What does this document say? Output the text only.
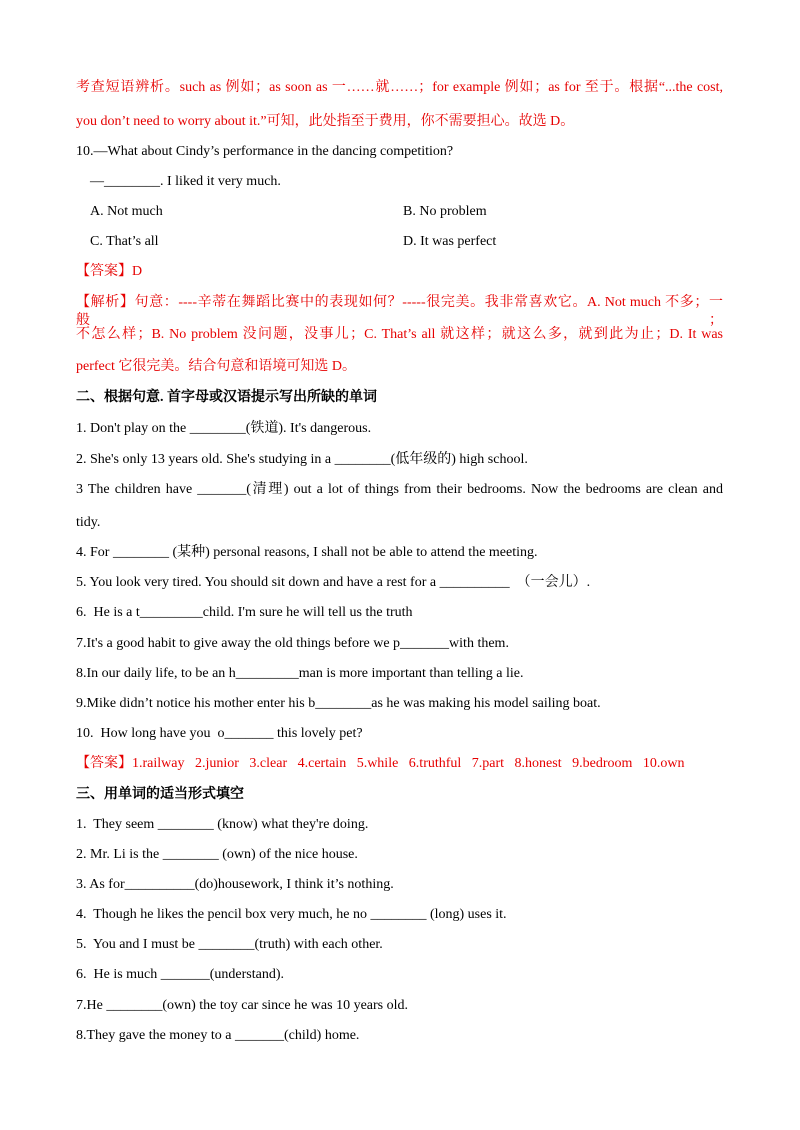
考查短语辨析。such as 例如；as soon as 一……就……；for example 例如；as for 至于。根据“...the cost,
you don’t need to worry about it.”可知，此处指至于费用，你不需要担心。故选 D。
10.—What about Cindy’s performance in the dancing competition?
—________. I liked it very much.
A. Not much	B. No problem
C. That’s all	D. It was perfect
【答案】D
【解析】句意：----辛蒂在舞蹈比赛中的表现如何？-----很完美。我非常喜欢它。A. Not much 不多；一般；
不怎么样；B. No problem 没问题，没事儿；C. That’s all 就这样；就这么多，就到此为止；D. It was
perfect 它很完美。结合句意和语境可知选 D。
二、根据句意. 首字母或汉语提示写出所缺的单词
1. Don't play on the ________(铁道). It's dangerous.
2. She's only 13 years old. She's studying in a ________(低年级的) high school.
3 The children have _______(清理) out a lot of things from their bedrooms. Now the bedrooms are clean and
tidy.
4. For ________ (某种) personal reasons, I shall not be able to attend the meeting.
5. You look very tired. You should sit down and have a rest for a __________  （一会儿）.
6.  He is a t_________child. I'm sure he will tell us the truth
7.It's a good habit to give away the old things before we p_______with them.
8.In our daily life, to be an h_________man is more important than telling a lie.
9.Mike didn’t notice his mother enter his b________as he was making his model sailing boat.
10.  How long have you  o_______ this lovely pet?
【答案】1.railway   2.junior   3.clear   4.certain   5.while   6.truthful   7.part   8.honest   9.bedroom   10.own
三、用单词的适当形式填空
1.  They seem ________ (know) what they're doing.
2. Mr. Li is the ________ (own) of the nice house.
3. As for__________(do)housework, I think it’s nothing.
4.  Though he likes the pencil box very much, he no ________ (long) uses it.
5.  You and I must be ________(truth) with each other.
6.  He is much _______(understand).
7.He ________(own) the toy car since he was 10 years old.
8.They gave the money to a _______(child) home.
